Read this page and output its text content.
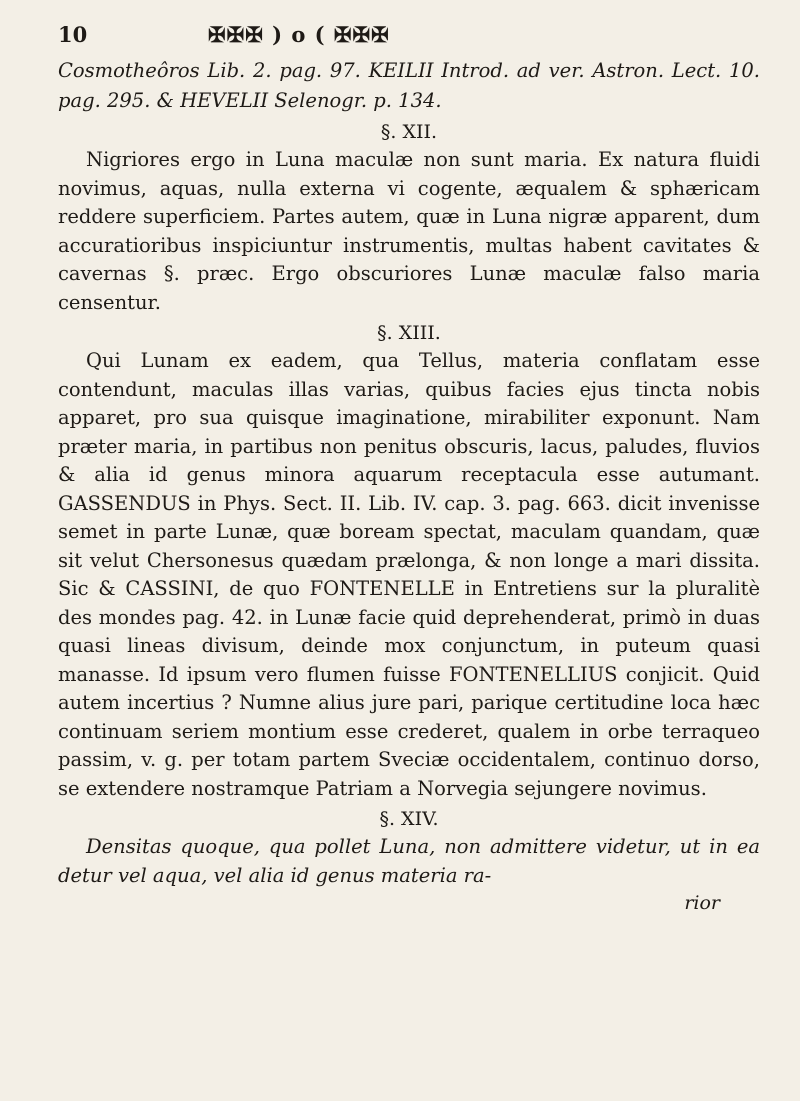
10	✠✠✠ ) o ( ✠✠✠

Cosmotheôros Lib. 2. pag. 97. KEILII Introd. ad ver. Astron. Lect. 10. pag. 295. & HEVELII Selenogr. p. 134.

§. XII.

Nigriores ergo in Luna maculæ non sunt maria. Ex natura fluidi novimus, aquas, nulla externa vi cogente, æqualem & sphæricam reddere superficiem. Partes autem, quæ in Luna nigræ apparent, dum accuratioribus inspiciuntur instrumentis, multas habent cavitates & cavernas §. præc. Ergo obscuriores Lunæ maculæ falso maria censentur.

§. XIII.

Qui Lunam ex eadem, qua Tellus, materia conflatam esse contendunt, maculas illas varias, quibus facies ejus tincta nobis apparet, pro sua quisque imaginatione, mirabiliter exponunt. Nam præter maria, in partibus non penitus obscuris, lacus, paludes, fluvios & alia id genus minora aquarum receptacula esse autumant. GASSENDUS in Phys. Sect. II. Lib. IV. cap. 3. pag. 663. dicit invenisse semet in parte Lunæ, quæ boream spectat, maculam quandam, quæ sit velut Chersonesus quædam prælonga, & non longe a mari dissita. Sic & CASSINI, de quo FONTENELLE in Entretiens sur la pluralitè des mondes pag. 42. in Lunæ facie quid deprehenderat, primò in duas quasi lineas divisum, deinde mox conjunctum, in puteum quasi manasse. Id ipsum vero flumen fuisse FONTENELLIUS conjicit. Quid autem incertius ? Numne alius jure pari, parique certitudine loca hæc continuam seriem montium esse crederet, qualem in orbe terraqueo passim, v. g. per totam partem Sveciæ occidentalem, continuo dorso, se extendere nostramque Patriam a Norvegia sejungere novimus.

§. XIV.

Densitas quoque, qua pollet Luna, non admittere videtur, ut in ea detur vel aqua, vel alia id genus materia ra-

rior
